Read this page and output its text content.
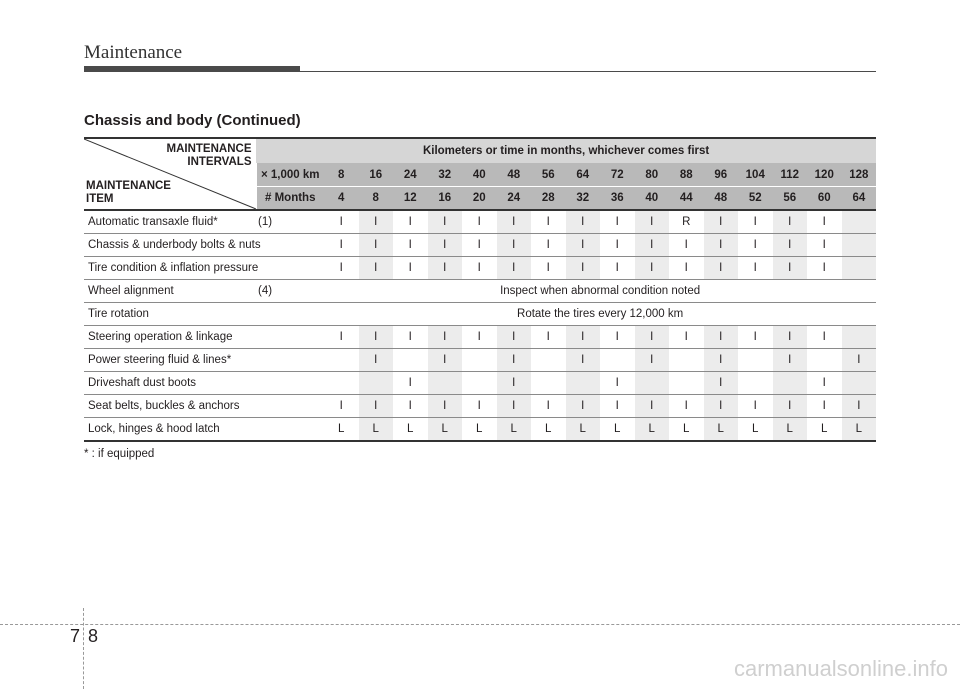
Maintenance
Chassis and body (Continued)
MAINTENANCE
INTERVALS
MAINTENANCE
ITEM	Kilometers or time in months, whichever comes first																
	× 1,000 km	8	16	24	32	40	48	56	64	72	80	88	96	104	112	120	128
	# Months	4	8	12	16	20	24	28	32	36	40	44	48	52	56	60	64
Automatic transaxle fluid* (1)		I	I	I	I	I	I	I	I	I	I	R	I	I	I	I	
Chassis & underbody bolts & nuts		I	I	I	I	I	I	I	I	I	I	I	I	I	I	I	
Tire condition & inflation pressure		I	I	I	I	I	I	I	I	I	I	I	I	I	I	I	
Wheel alignment (4)		Inspect when abnormal condition noted															
Tire rotation		Rotate the tires every 12,000 km															
Steering operation & linkage		I	I	I	I	I	I	I	I	I	I	I	I	I	I	I	
Power steering fluid & lines*			I		I		I		I		I		I		I		I
Driveshaft dust boots				I			I			I			I			I	
Seat belts, buckles & anchors		I	I	I	I	I	I	I	I	I	I	I	I	I	I	I	I
Lock, hinges & hood latch		L	L	L	L	L	L	L	L	L	L	L	L	L	L	L	L
* : if equipped
7 8
carmanualsonline.info
